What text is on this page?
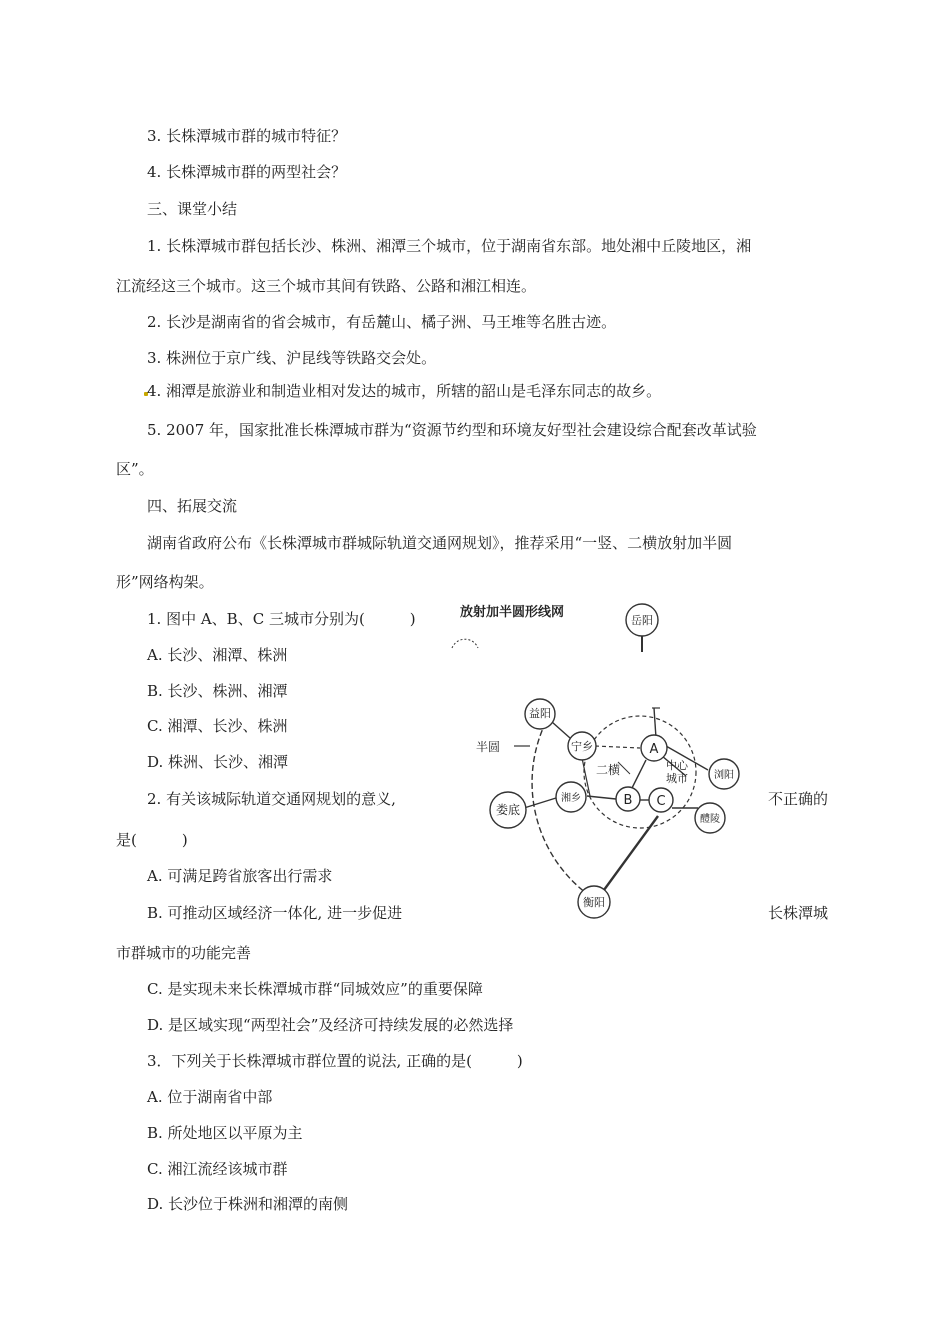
3. 长株潭城市群的城市特征？
4. 长株潭城市群的两型社会？
三、课堂小结
1. 长株潭城市群包括长沙、株洲、湘潭三个城市，位于湖南省东部。地处湘中丘陵地区，湘
江流经这三个城市。这三个城市其间有铁路、公路和湘江相连。
2. 长沙是湖南省的省会城市，有岳麓山、橘子洲、马王堆等名胜古迹。
3. 株洲位于京广线、沪昆线等铁路交会处。
4. 湘潭是旅游业和制造业相对发达的城市，所辖的韶山是毛泽东同志的故乡。
5. 2007 年，国家批准长株潭城市群为“资源节约型和环境友好型社会建设综合配套改革试验
区”。
四、拓展交流
湖南省政府公布《长株潭城市群城际轨道交通网规划》，推荐采用“一竖、二横放射加半圆
形”网络构架。
1. 图中 A、B、C 三城市分别为(　　　)
A. 长沙、湘潭、株洲
B. 长沙、株洲、湘潭
C. 湘潭、长沙、株洲
D. 株洲、长沙、湘潭
2. 有关该城际轨道交通网规划的意义,	不正确的
是(　　　)
A. 可满足跨省旅客出行需求
B. 可推动区域经济一体化, 进一步促进	长株潭城
市群城市的功能完善
C. 是实现未来长株潭城市群“同城效应”的重要保障
D. 是区域实现“两型社会”及经济可持续发展的必然选择
3．下列关于长株潭城市群位置的说法, 正确的是(　　　)
A. 位于湖南省中部
B. 所处地区以平原为主
C. 湘江流经该城市群
D. 长沙位于株洲和湘潭的南侧
放射加半圆形线网
岳阳
益阳
宁乡	A
B C
浏阳
娄底
湘乡
醴陵
衡阳
半圆
二横	中心
城市
